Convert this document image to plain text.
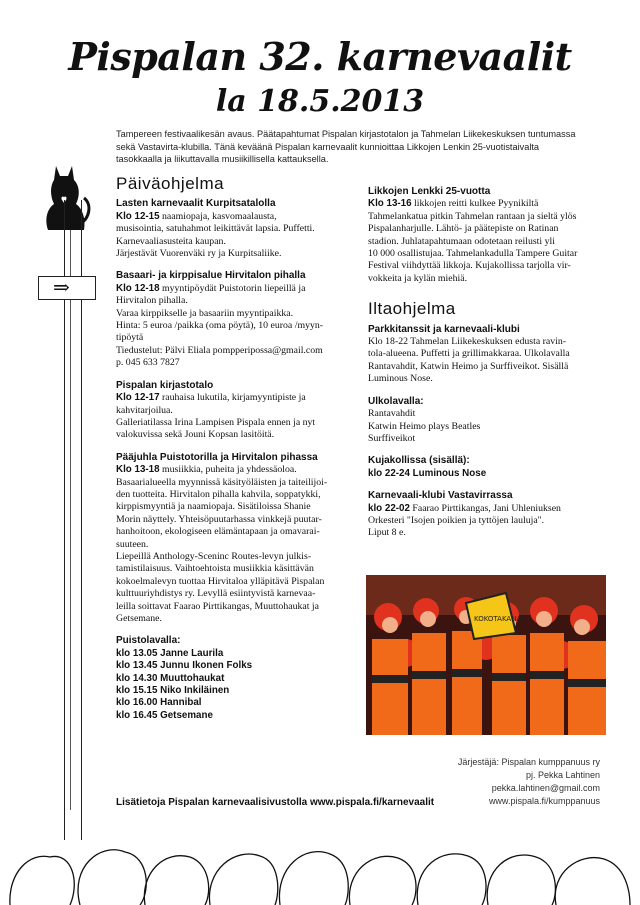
Pispalan 32. karnevaalit
la 18.5.2013
Tampereen festivaalikesän avaus. Päätapahtumat Pispalan kirjastotalon ja Tahmelan Liikekeskuksen tuntumassa sekä Vastavirta-klubilla. Tänä keväänä Pispalan karnevaalit kunnioittaa Likkojen Lenkin 25-vuotistaivalta tasokkaalla ja liikuttavalla musiikillisella kattauksella.
⇒
Päiväohjelma
Lasten karnevaalit Kurpitsatalolla

Klo 12-15 naamiopaja, kasvomaalausta,

musisointia, satuhahmot leikittävät lapsia. Puffetti.

Karnevaaliasusteita kaupan.

Järjestävät Vuorenväki ry ja Kurpitsaliike.

Basaari- ja kirppisalue Hirvitalon pihalla

Klo 12-18 myyntipöydät Puistotorin liepeillä ja

Hirvitalon pihalla.

Varaa kirppikselle ja basaariin myyntipaikka.

Hinta: 5 euroa /paikka (oma pöytä), 10 euroa /myyn-

tipöytä

Tiedustelut: Pälvi Eliala pompperipossa@gmail.com

p. 045 633 7827

Pispalan kirjastotalo

Klo 12-17 rauhaisa lukutila, kirjamyyntipiste ja

kahvitarjoilua.

Galleriatilassa Irina Lampisen Pispala ennen ja nyt

valokuvissa sekä Jouni Kopsan lasitöitä.

Pääjuhla Puistotorilla ja Hirvitalon pihassa

Klo 13-18 musiikkia, puheita ja yhdessäoloa.

Basaarialueella myynnissä käsityöläisten ja taiteilijoi-

den tuotteita. Hirvitalon pihalla kahvila, soppatykki,

kirppismyyntiä ja naamiopaja. Sisätiloissa Shanie

Morin näyttely. Yhteisöpuutarhassa vinkkejä puutar-

hanhoitoon, ekologiseen elämäntapaan ja omavarai-

suuteen.

Liepeillä Anthology-Sceninc Routes-levyn julkis-

tamistilaisuus. Vaihtoehtoista musiikkia käsittävän

kokoelmalevyn tuottaa Hirvitaloa ylläpitävä Pispalan

kulttuuriyhdistys ry. Levyllä esiintyvistä karnevaa-

leilla soittavat Faarao Pirttikangas, Muuttohaukat ja

Getsemane.

Puistolavalla:

klo 13.05 Janne Laurila

klo 13.45 Junnu Ikonen Folks

klo 14.30 Muuttohaukat

klo 15.15 Niko Inkiläinen

klo 16.00 Hannibal

klo 16.45 Getsemane

Likkojen Lenkki 25-vuotta

Klo 13-16 likkojen reitti kulkee Pyynikiltä

Tahmelankatua pitkin Tahmelan rantaan ja sieltä ylös

Pispalanharjulle. Lähtö- ja päätepiste on Ratinan

stadion. Juhlatapahtumaan odotetaan reilusti yli

10 000 osallistujaa. Tahmelankadulla Tampere Guitar

Festival viihdyttää likkoja. Kujakollissa tarjolla vir-

vokkeita ja kylän miehiä.

Iltaohjelma
Parkkitanssit ja karnevaali-klubi

Klo 18-22 Tahmelan Liikekeskuksen edusta ravin-

tola-alueena. Puffetti ja grillimakkaraa. Ulkolavalla

Rantavahdit, Katwin Heimo ja Surffiveikot. Sisällä

Luminous Nose.

Ulkolavalla:

Rantavahdit

Katwin Heimo plays Beatles

Surffiveikot

Kujakollissa (sisällä):

klo 22-24 Luminous Nose

Karnevaali-klubi Vastavirrassa

klo 22-02 Faarao Pirttikangas, Jani Uhleniuksen

Orkesteri "Isojen poikien ja tyttöjen lauluja".

Liput 8 e.

KOKOTAKANAN
Järjestäjä: Pispalan kumppanuus ry
pj. Pekka Lahtinen
pekka.lahtinen@gmail.com
www.pispala.fi/kumppanuus
Lisätietoja Pispalan karnevaalisivustolla www.pispala.fi/karnevaalit
